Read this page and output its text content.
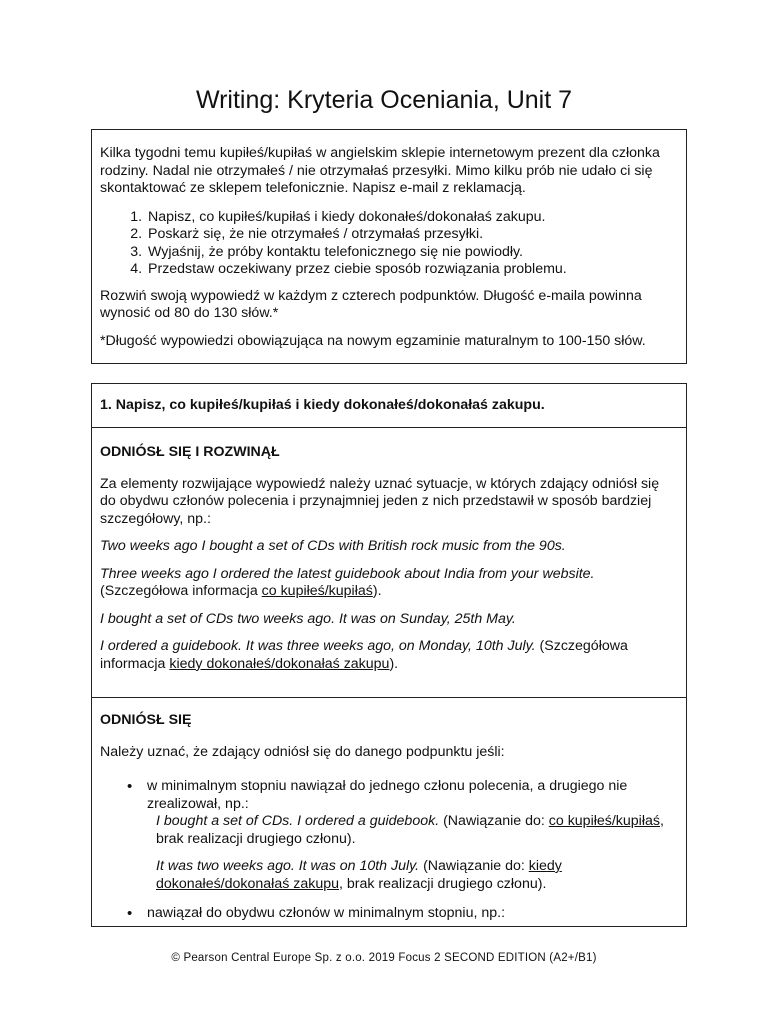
Writing: Kryteria Oceniania, Unit 7

Kilka tygodni temu kupiłeś/kupiłaś w angielskim sklepie internetowym prezent dla członka rodziny. Nadal nie otrzymałeś / nie otrzymałaś przesyłki. Mimo kilku prób nie udało ci się skontaktować ze sklepem telefonicznie. Napisz e-mail z reklamacją.

1. Napisz, co kupiłeś/kupiłaś i kiedy dokonałeś/dokonałaś zakupu.
2. Poskarż się, że nie otrzymałeś / otrzymałaś przesyłki.
3. Wyjaśnij, że próby kontaktu telefonicznego się nie powiodły.
4. Przedstaw oczekiwany przez ciebie sposób rozwiązania problemu.

Rozwiń swoją wypowiedź w każdym z czterech podpunktów. Długość e-maila powinna wynosić od 80 do 130 słów.*

*Długość wypowiedzi obowiązująca na nowym egzaminie maturalnym to 100-150 słów.

1. Napisz, co kupiłeś/kupiłaś i kiedy dokonałeś/dokonałaś zakupu.

ODNIÓSŁ SIĘ I ROZWINĄŁ

Za elementy rozwijające wypowiedź należy uznać sytuacje, w których zdający odniósł się do obydwu członów polecenia i przynajmniej jeden z nich przedstawił w sposób bardziej szczegółowy, np.:

Two weeks ago I bought a set of CDs with British rock music from the 90s.

Three weeks ago I ordered the latest guidebook about India from your website.
(Szczegółowa informacja co kupiłeś/kupiłaś).

I bought a set of CDs two weeks ago. It was on Sunday, 25th May.

I ordered a guidebook. It was three weeks ago, on Monday, 10th July. (Szczegółowa informacja kiedy dokonałeś/dokonałaś zakupu).

ODNIÓSŁ SIĘ

Należy uznać, że zdający odniósł się do danego podpunktu jeśli:

• w minimalnym stopniu nawiązał do jednego członu polecenia, a drugiego nie zrealizował, np.:
I bought a set of CDs. I ordered a guidebook. (Nawiązanie do: co kupiłeś/kupiłaś, brak realizacji drugiego członu).
It was two weeks ago. It was on 10th July. (Nawiązanie do: kiedy dokonałeś/dokonałaś zakupu, brak realizacji drugiego członu).
• nawiązał do obydwu członów w minimalnym stopniu, np.:
© Pearson Central Europe Sp. z o.o. 2019 Focus 2 SECOND EDITION (A2+/B1)
